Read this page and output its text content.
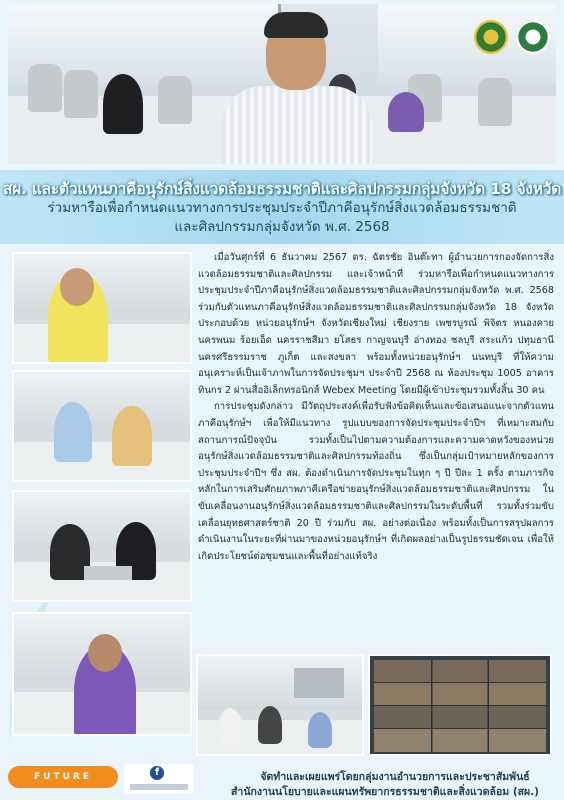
สผ. และตัวแทนภาคีอนุรักษ์สิ่งแวดล้อมธรรมชาติและศิลปกรรมกลุ่มจังหวัด 18 จังหวัด
ร่วมหารือเพื่อกำหนดแนวทางการประชุมประจำปีภาคีอนุรักษ์สิ่งแวดล้อมธรรมชาติ
และศิลปกรรมกลุ่มจังหวัด พ.ศ. 2568

เมื่อวันศุกร์ที่ 6 ธันวาคม 2567 ดร. ฉัตรชัย อินต๊ะทา ผู้อำนวยการกองจัดการสิ่งแวดล้อมธรรมชาติและศิลปกรรม และเจ้าหน้าที่ ร่วมหารือเพื่อกำหนดแนวทางการประชุมประจำปีภาคีอนุรักษ์สิ่งแวดล้อมธรรมชาติและศิลปกรรมกลุ่มจังหวัด พ.ศ. 2568 ร่วมกับตัวแทนภาคีอนุรักษ์สิ่งแวดล้อมธรรมชาติและศิลปกรรมกลุ่มจังหวัด 18 จังหวัด ประกอบด้วย หน่วยอนุรักษ์ฯ จังหวัดเชียงใหม่ เชียงราย เพชรบูรณ์ พิจิตร หนองคาย นครพนม ร้อยเอ็ด นครราชสีมา ยโสธร กาญจนบุรี อ่างทอง ชลบุรี สระแก้ว ปทุมธานี นครศรีธรรมราช ภูเก็ต และสงขลา พร้อมทั้งหน่วยอนุรักษ์ฯ นนทบุรี ที่ให้ความอนุเคราะห์เป็นเจ้าภาพในการจัดประชุมฯ ประจำปี 2568 ณ ห้องประชุม 1005 อาคารทินกร 2 ผ่านสื่ออิเล็กทรอนิกส์ Webex Meeting โดยมีผู้เข้าประชุมรวมทั้งสิ้น 30 คน

การประชุมดังกล่าว มีวัตถุประสงค์เพื่อรับฟังข้อคิดเห็นและข้อเสนอแนะจากตัวแทนภาคีอนุรักษ์ฯ เพื่อให้มีแนวทาง รูปแบบของการจัดประชุมประจำปีฯ ที่เหมาะสมกับสถานการณ์ปัจจุบัน รวมทั้งเป็นไปตามความต้องการและความคาดหวังของหน่วยอนุรักษ์สิ่งแวดล้อมธรรมชาติและศิลปกรรมท้องถิ่น ซึ่งเป็นกลุ่มเป้าหมายหลักของการประชุมประจำปีฯ ซึ่ง สผ. ต้องดำเนินการจัดประชุมในทุก ๆ ปี ปีละ 1 ครั้ง ตามภารกิจหลักในการเสริมศักยภาพภาคีเครือข่ายอนุรักษ์สิ่งแวดล้อมธรรมชาติและศิลปกรรม ในขับเคลื่อนงานอนุรักษ์สิ่งแวดล้อมธรรมชาติและศิลปกรรมในระดับพื้นที่ รวมทั้งร่วมขับเคลื่อนยุทธศาสตร์ชาติ 20 ปี ร่วมกับ สผ. อย่างต่อเนื่อง พร้อมทั้งเป็นการสรุปผลการดำเนินงานในระยะที่ผ่านมาของหน่วยอนุรักษ์ฯ ที่เกิดผลอย่างเป็นรูปธรรมชัดเจน เพื่อให้เกิดประโยชน์ต่อชุมชนและพื้นที่อย่างแท้จริง

FUTURE	f	จัดทำและเผยแพร่โดยกลุ่มงานอำนวยการและประชาสัมพันธ์
สำนักงานนโยบายและแผนทรัพยากรธรรมชาติและสิ่งแวดล้อม (สผ.)
